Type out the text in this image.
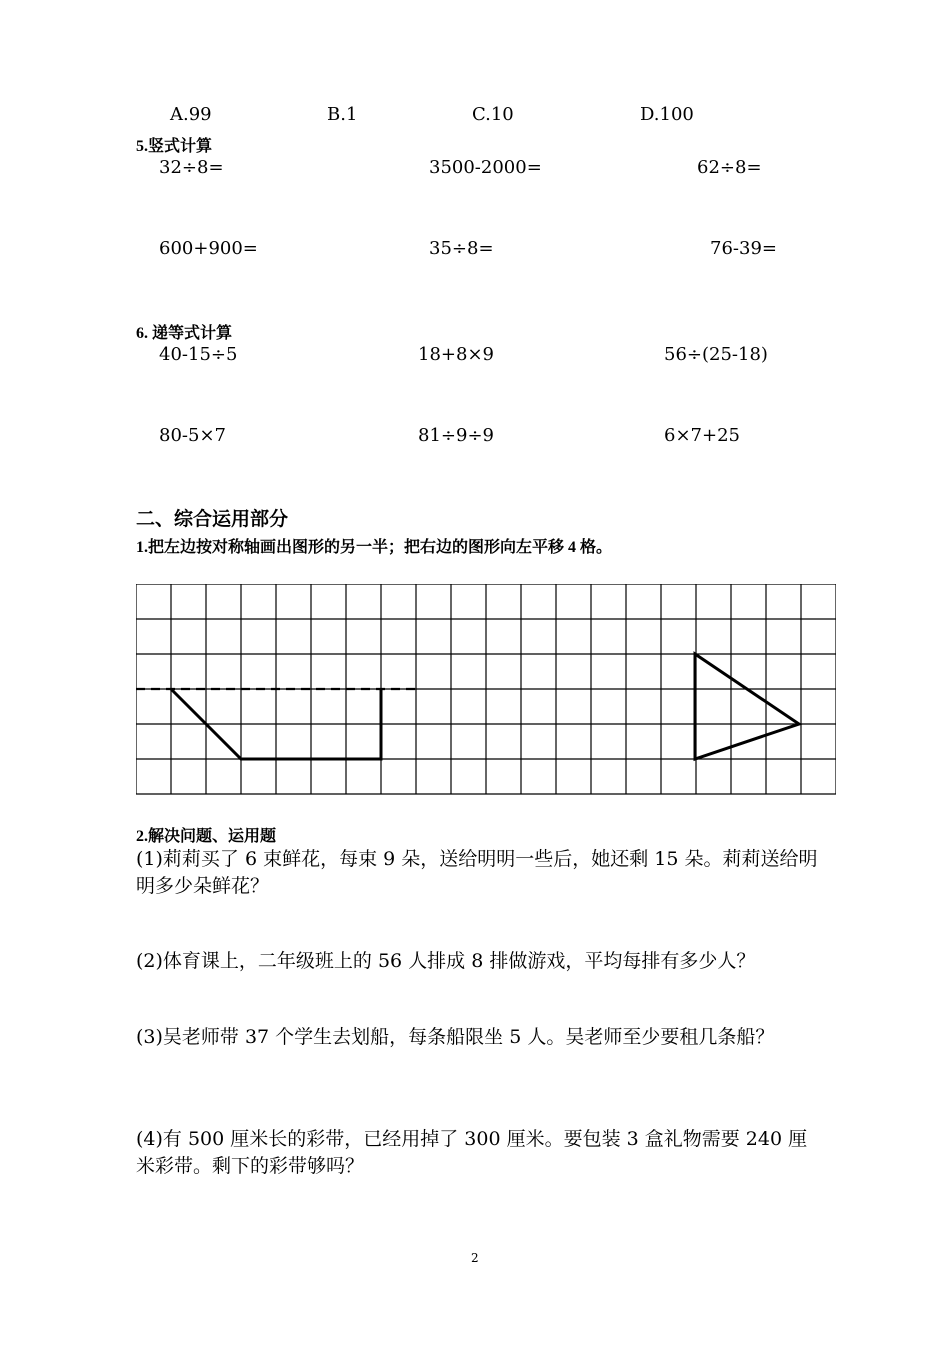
A.99	B.1	C.10	D.100
5.竖式计算
32÷8=	3500-2000=	62÷8=
600+900=	35÷8=	76-39=
6. 递等式计算
40-15÷5	18+8×9	56÷(25-18)
80-5×7	81÷9÷9	6×7+25
二、综合运用部分
1.把左边按对称轴画出图形的另一半；把右边的图形向左平移 4 格。
2.解决问题、运用题
(1)莉莉买了 6 束鲜花，每束 9 朵，送给明明一些后，她还剩 15 朵。莉莉送给明明多少朵鲜花？
(2)体育课上，二年级班上的 56 人排成 8 排做游戏，平均每排有多少人？
(3)吴老师带 37 个学生去划船，每条船限坐 5 人。吴老师至少要租几条船？
(4)有 500 厘米长的彩带，已经用掉了 300 厘米。要包装 3 盒礼物需要 240 厘米彩带。剩下的彩带够吗？
2
